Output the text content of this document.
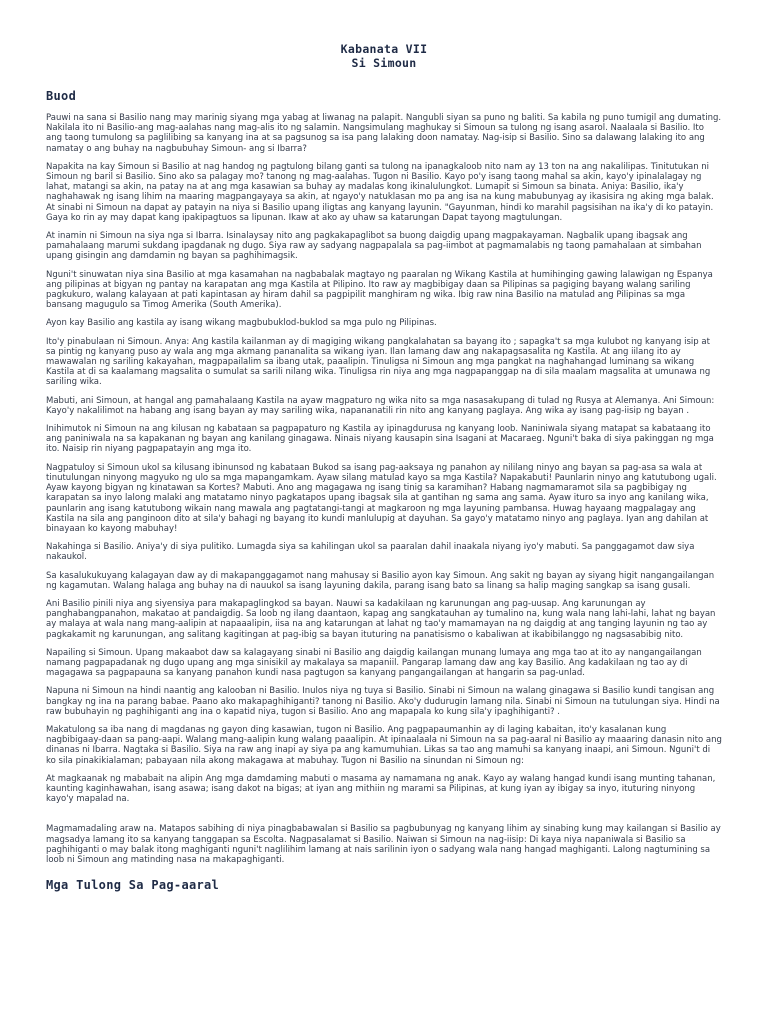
Kabanata VII
Si Simoun
Buod

Pauwi na sana si Basilio nang may marinig siyang mga yabag at liwanag na palapit. Nangubli siyan sa puno ng baliti. Sa kabila ng puno tumigil ang dumating. Nakilala ito ni Basilio-ang mag-aalahas nang mag-alis ito ng salamin. Nangsimulang maghukay si Simoun sa tulong ng isang asarol. Naalaala si Basilio. Ito ang taong tumulong sa paglilibing sa kanyang ina at sa pagsunog sa isa pang lalaking doon namatay. Nag-isip si Basilio. Sino sa dalawang lalaking ito ang namatay o ang buhay na nagbubuhay Simoun- ang si Ibarra?

Napakita na kay Simoun si Basilio at nag handog ng pagtulong bilang ganti sa tulong na ipanagkaloob nito nam ay 13 ton na ang nakalilipas. Tinitutukan ni Simoun ng baril si Basilio. Sino ako sa palagay mo? tanong ng mag-aalahas. Tugon ni Basilio. Kayo po'y isang taong mahal sa akin, kayo'y ipinalalagay ng lahat, matangi sa akin, na patay na at ang mga kasawian sa buhay ay madalas kong ikinalulungkot. Lumapit si Simoun sa binata. Aniya: Basilio, ika'y naghahawak ng isang lihim na maaring magpangayaya sa akin, at ngayo'y natuklasan mo pa ang isa na kung mabubunyag ay ikasisira ng aking mga balak. At sinabi ni Simoun na dapat ay patayin na niya si Basilio upang iligtas ang kanyang layunin. "Gayunman, hindi ko marahil pagsisihan na ika'y di ko patayin. Gaya ko rin ay may dapat kang ipakipagtuos sa lipunan. Ikaw at ako ay uhaw sa katarungan Dapat tayong magtulungan.

At inamin ni Simoun na siya nga si Ibarra. Isinalaysay nito ang pagkakapaglibot sa buong daigdig upang magpakayaman. Nagbalik upang ibagsak ang pamahalaang marumi sukdang ipagdanak ng dugo. Siya raw ay sadyang nagpapalala sa pag-iimbot at pagmamalabis ng taong pamahalaan at simbahan upang gisingin ang damdamin ng bayan sa paghihimagsik.

Nguni't sinuwatan niya sina Basilio at mga kasamahan na nagbabalak magtayo ng paaralan ng Wikang Kastila at humihinging gawing lalawigan ng Espanya ang pilipinas at bigyan ng pantay na karapatan ang mga Kastila at Pilipino. Ito raw ay magbibigay daan sa Pilipinas sa pagiging bayang walang sariling pagkukuro, walang kalayaan at pati kapintasan ay hiram dahil sa pagpipilit manghiram ng wika. Ibig raw nina Basilio na matulad ang Pilipinas sa mga bansang magugulo sa Timog Amerika (South Amerika).

Ayon kay Basilio ang kastila ay isang wikang magbubuklod-buklod sa mga pulo ng Pilipinas.

Ito'y pinabulaan ni Simoun. Anya: Ang kastila kailanman ay di magiging wikang pangkalahatan sa bayang ito ; sapagka't sa mga kulubot ng kanyang isip at sa pintig ng kanyang puso ay wala ang mga akmang pananalita sa wikang iyan. Ilan lamang daw ang nakapagsasalita ng Kastila. At ang iilang ito ay mawawalan ng sariling kakayahan, magpapailalim sa ibang utak, paaalipin. Tinuligsa ni Simoun ang mga pangkat na naghahangad luminang sa wikang Kastila at di sa kaalamang magsalita o sumulat sa sarili nilang wika. Tinuligsa rin niya ang mga nagpapanggap na di sila maalam magsalita at umunawa ng sariling wika.

Mabuti, ani Simoun, at hangal ang pamahalaang Kastila na ayaw magpaturo ng wika nito sa mga nasasakupang di tulad ng Rusya at Alemanya. Ani Simoun: Kayo'y nakalilimot na habang ang isang bayan ay may sariling wika, napananatili rin nito ang kanyang paglaya. Ang wika ay isang pag-iisip ng bayan .

Inihimutok ni Simoun na ang kilusan ng kabataan sa pagpapaturo ng Kastila ay ipinagdurusa ng kanyang loob. Naniniwala siyang matapat sa kabataang ito ang paniniwala na sa kapakanan ng bayan ang kanilang ginagawa. Ninais niyang kausapin sina Isagani at Macaraeg. Nguni't baka di siya pakinggan ng mga ito. Naisip rin niyang pagpapatayin ang mga ito.

Nagpatuloy si Simoun ukol sa kilusang ibinunsod ng kabataan Bukod sa isang pag-aaksaya ng panahon ay nililang ninyo ang bayan sa pag-asa sa wala at tinutulungan ninyong magyuko ng ulo sa mga mapangamkam. Ayaw silang matulad kayo sa mga Kastila? Napakabuti! Paunlarin ninyo ang katutubong ugali. Ayaw kayong bigyan ng kinatawan sa Kortes? Mabuti. Ano ang magagawa ng isang tinig sa karamihan? Habang nagmamaramot sila sa pagbibigay ng karapatan sa inyo lalong malaki ang matatamo ninyo pagkatapos upang ibagsak sila at gantihan ng sama ang sama. Ayaw ituro sa inyo ang kanilang wika, paunlarin ang isang katutubong wikain nang mawala ang pagtatangi-tangi at magkaroon ng mga layuning pambansa. Huwag hayaang magpalagay ang Kastila na sila ang panginoon dito at sila'y bahagi ng bayang ito kundi manlulupig at dayuhan. Sa gayo'y matatamo ninyo ang paglaya. Iyan ang dahilan at binayaan ko kayong mabuhay!

Nakahinga si Basilio. Aniya'y di siya pulitiko. Lumagda siya sa kahilingan ukol sa paaralan dahil inaakala niyang iyo'y mabuti. Sa panggagamot daw siya nakaukol.

Sa kasalukukuyang kalagayan daw ay di makapanggagamot nang mahusay si Basilio ayon kay Simoun. Ang sakit ng bayan ay siyang higit nangangailangan ng kagamutan. Walang halaga ang buhay na di nauukol sa isang layuning dakila, parang isang bato sa linang sa halip maging sangkap sa isang gusali.

Ani Basilio pinili niya ang siyensiya para makapaglingkod sa bayan. Nauwi sa kadakilaan ng karunungan ang pag-uusap. Ang karunungan ay panghabangpanahon, makatao at pandaigdig. Sa loob ng ilang daantaon, kapag ang sangkatauhan ay tumalino na, kung wala nang lahi-lahi, lahat ng bayan ay malaya at wala nang mang-aalipin at napaaalipin, iisa na ang katarungan at lahat ng tao'y mamamayan na ng daigdig at ang tanging layunin ng tao ay pagkakamit ng karunungan, ang salitang kagitingan at pag-ibig sa bayan ituturing na panatisismo o kabaliwan at ikabibilanggo ng nagsasabibig nito.

Napailing si Simoun. Upang makaabot daw sa kalagayang sinabi ni Basilio ang daigdig kailangan munang lumaya ang mga tao at ito ay nangangailangan namang pagpapadanak ng dugo upang ang mga sinisikil ay makalaya sa mapaniil. Pangarap lamang daw ang kay Basilio. Ang kadakilaan ng tao ay di magagawa sa pagpapauna sa kanyang panahon kundi nasa pagtugon sa kanyang pangangailangan at hangarin sa pag-unlad.

Napuna ni Simoun na hindi naantig ang kalooban ni Basilio. Inulos niya ng tuya si Basilio. Sinabi ni Simoun na walang ginagawa si Basilio kundi tangisan ang bangkay ng ina na parang babae. Paano ako makapaghihiganti? tanong ni Basilio. Ako'y dudurugin lamang nila. Sinabi ni Simoun na tutulungan siya. Hindi na raw bubuhayin ng paghihiganti ang ina o kapatid niya, tugon si Basilio. Ano ang mapapala ko kung sila'y ipaghihiganti? .

Makatulong sa iba nang di magdanas ng gayon ding kasawian, tugon ni Basilio. Ang pagpapaumanhin ay di laging kabaitan, ito'y kasalanan kung nagbibigaay-daan sa pang-aapi. Walang mang-aalipin kung walang paaalipin. At ipinaalaala ni Simoun na sa pag-aaral ni Basilio ay maaaring danasin nito ang dinanas ni Ibarra. Nagtaka si Basilio. Siya na raw ang inapi ay siya pa ang kamumuhian. Likas sa tao ang mamuhi sa kanyang inaapi, ani Simoun. Nguni't di ko sila pinakikialaman; pabayaan nila akong makagawa at mabuhay. Tugon ni Basilio na sinundan ni Simoun ng:

At magkaanak ng mababait na alipin Ang mga damdaming mabuti o masama ay namamana ng anak. Kayo ay walang hangad kundi isang munting tahanan, kaunting kaginhawahan, isang asawa; isang dakot na bigas; at iyan ang mithiin ng marami sa Pilipinas, at kung iyan ay ibigay sa inyo, ituturing ninyong kayo'y mapalad na.

Magmamadaling araw na. Matapos sabihing di niya pinagbabawalan si Basilio sa pagbubunyag ng kanyang lihim ay sinabing kung may kailangan si Basilio ay magsadya lamang ito sa kanyang tanggapan sa Escolta. Nagpasalamat si Basilio. Naiwan si Simoun na nag-iisip: Di kaya niya napaniwala si Basilio sa paghihiganti o may balak itong maghiganti nguni't naglilihim lamang at nais sarilinin iyon o sadyang wala nang hangad maghiganti. Lalong nagtumining sa loob ni Simoun ang matinding nasa na makapaghiganti.

Mga Tulong Sa Pag-aaral
